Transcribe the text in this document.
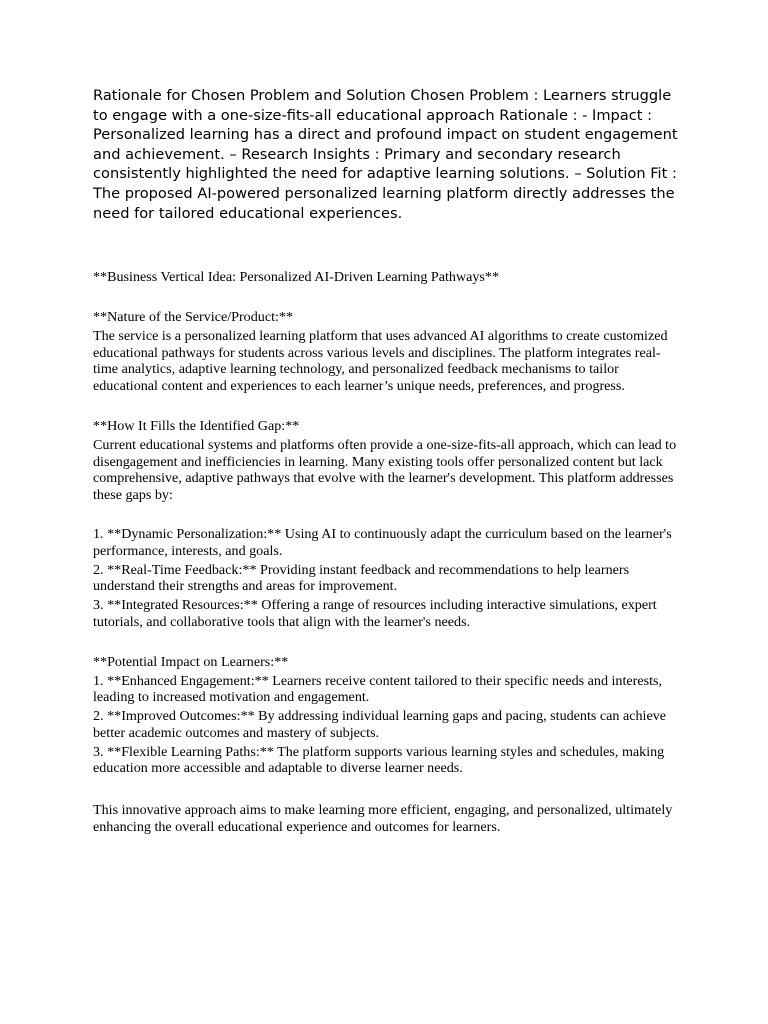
Rationale for Chosen Problem and Solution Chosen Problem : Learners struggle to engage with a one-size-fits-all educational approach Rationale : - Impact : Personalized learning has a direct and profound impact on student engagement and achievement. – Research Insights : Primary and secondary research consistently highlighted the need for adaptive learning solutions. – Solution Fit : The proposed AI-powered personalized learning platform directly addresses the need for tailored educational experiences.

**Business Vertical Idea: Personalized AI-Driven Learning Pathways**

**Nature of the Service/Product:**

The service is a personalized learning platform that uses advanced AI algorithms to create customized educational pathways for students across various levels and disciplines. The platform integrates real-time analytics, adaptive learning technology, and personalized feedback mechanisms to tailor educational content and experiences to each learner’s unique needs, preferences, and progress.

**How It Fills the Identified Gap:**

Current educational systems and platforms often provide a one-size-fits-all approach, which can lead to disengagement and inefficiencies in learning. Many existing tools offer personalized content but lack comprehensive, adaptive pathways that evolve with the learner's development. This platform addresses these gaps by:

1. **Dynamic Personalization:** Using AI to continuously adapt the curriculum based on the learner's performance, interests, and goals.
2. **Real-Time Feedback:** Providing instant feedback and recommendations to help learners understand their strengths and areas for improvement.
3. **Integrated Resources:** Offering a range of resources including interactive simulations, expert tutorials, and collaborative tools that align with the learner's needs.

**Potential Impact on Learners:**

1. **Enhanced Engagement:** Learners receive content tailored to their specific needs and interests, leading to increased motivation and engagement.
2. **Improved Outcomes:** By addressing individual learning gaps and pacing, students can achieve better academic outcomes and mastery of subjects.
3. **Flexible Learning Paths:** The platform supports various learning styles and schedules, making education more accessible and adaptable to diverse learner needs.

This innovative approach aims to make learning more efficient, engaging, and personalized, ultimately enhancing the overall educational experience and outcomes for learners.
